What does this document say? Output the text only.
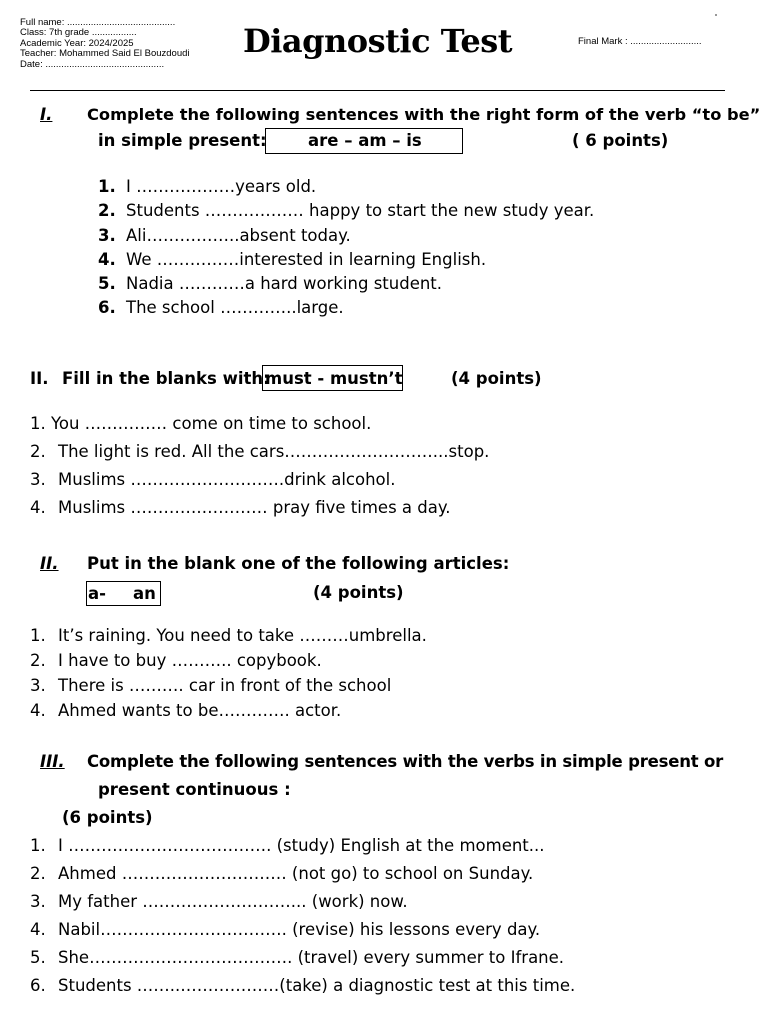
Full name: .........................................
Class: 7th grade .................
Academic Year: 2024/2025
Teacher: Mohammed Said El Bouzdoudi
Date: .............................................
Diagnostic Test	Final Mark : ...........................
I. Complete the following sentences with the right form of the verb “to be”
in simple present:	are – am – is	( 6 points)
1. I ………………years old.
2. Students ……………… happy to start the new study year.
3. Ali……………..absent today.
4. We ……………interested in learning English.
5. Nadia …………a hard working student.
6. The school …………..large.
II. Fill in the blanks with:
must - mustn’t	(4 points)
1. You …………… come on time to school.
2. The light is red. All the cars………………………...stop.
3. Muslims ……………………….drink alcohol.
4. Muslims ………….………… pray five times a day.
II. Put in the blank one of the following articles:
a- an	(4 points)
1. It’s raining. You need to take ………umbrella.
2. I have to buy ……….. copybook.
3. There is ………. car in front of the school
4. Ahmed wants to be…………. actor.
III. Complete the following sentences with the verbs in simple present or
present continuous :
(6 points)
1. I ………………………………. (study) English at the moment...
2. Ahmed ………………………… (not go) to school on Sunday.
3. My father ………………………... (work) now.
4. Nabil……………………………. (revise) his lessons every day.
5. She………………………………. (travel) every summer to Ifrane.
6. Students ……..………………(take) a diagnostic test at this time.
